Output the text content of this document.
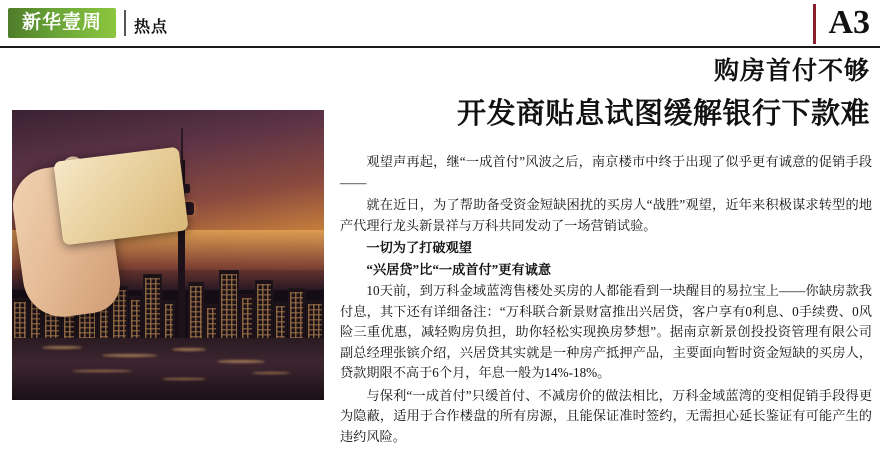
新华壹周	热点	A3
购房首付不够
开发商贴息试图缓解银行下款难

观望声再起，继“一成首付”风波之后，南京楼市中终于出现了似乎更有诚意的促销手段——

就在近日，为了帮助备受资金短缺困扰的买房人“战胜”观望，近年来积极谋求转型的地产代理行龙头新景祥与万科共同发动了一场营销试验。

一切为了打破观望

“兴居贷”比“一成首付”更有诚意

10天前，到万科金域蓝湾售楼处买房的人都能看到一块醒目的易拉宝上——你缺房款我付息，其下还有详细备注：“万科联合新景财富推出兴居贷，客户享有0利息、0手续费、0风险三重优惠，减轻购房负担，助你轻松实现换房梦想”。据南京新景创投投资管理有限公司副总经理张镔介绍，兴居贷其实就是一种房产抵押产品，主要面向暂时资金短缺的买房人，贷款期限不高于6个月，年息一般为14%-18%。

与保利“一成首付”只缓首付、不减房价的做法相比，万科金域蓝湾的变相促销手段得更为隐蔽，适用于合作楼盘的所有房源，且能保证准时签约，无需担心延长鉴证有可能产生的违约风险。
